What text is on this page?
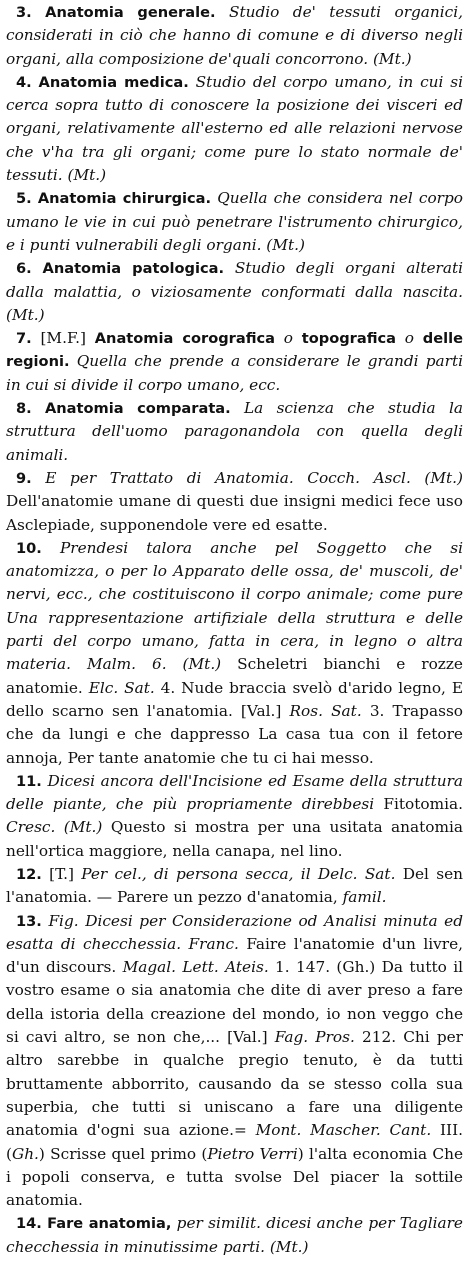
3. Anatomia generale. Studio de' tessuti organici, considerati in ciò che hanno di comune e di diverso negli organi, alla composizione de'quali concorrono. (Mt.)

4. Anatomia medica. Studio del corpo umano, in cui si cerca sopra tutto di conoscere la posizione dei visceri ed organi, relativamente all'esterno ed alle relazioni nervose che v'ha tra gli organi; come pure lo stato normale de' tessuti. (Mt.)

5. Anatomia chirurgica. Quella che considera nel corpo umano le vie in cui può penetrare l'istrumento chirurgico, e i punti vulnerabili degli organi. (Mt.)

6. Anatomia patologica. Studio degli organi alterati dalla malattia, o viziosamente conformati dalla nascita. (Mt.)

7. [M.F.] Anatomia corografica o topografica o delle regioni. Quella che prende a considerare le grandi parti in cui si divide il corpo umano, ecc.

8. Anatomia comparata. La scienza che studia la struttura dell'uomo paragonandola con quella degli animali.

9. E per Trattato di Anatomia. Cocch. Ascl. (Mt.) Dell'anatomie umane di questi due insigni medici fece uso Asclepiade, supponendole vere ed esatte.

10. Prendesi talora anche pel Soggetto che si anatomizza, o per lo Apparato delle ossa, de' muscoli, de' nervi, ecc., che costituiscono il corpo animale; come pure Una rappresentazione artifiziale della struttura e delle parti del corpo umano, fatta in cera, in legno o altra materia. Malm. 6. (Mt.) Scheletri bianchi e rozze anatomie. Elc. Sat. 4. Nude braccia svelò d'arido legno, E dello scarno sen l'anatomia. [Val.] Ros. Sat. 3. Trapasso che da lungi e che dappresso La casa tua con il fetore annoja, Per tante anatomie che tu ci hai messo.

11. Dicesi ancora dell'Incisione ed Esame della struttura delle piante, che più propriamente direbbesi Fitotomia. Cresc. (Mt.) Questo si mostra per una usitata anatomia nell'ortica maggiore, nella canapa, nel lino.

12. [T.] Per cel., di persona secca, il Delc. Sat. Del sen l'anatomia. — Parere un pezzo d'anatomia, famil.

13. Fig. Dicesi per Considerazione od Analisi minuta ed esatta di checchessia. Franc. Faire l'anatomie d'un livre, d'un discours. Magal. Lett. Ateis. 1. 147. (Gh.) Da tutto il vostro esame o sia anatomia che dite di aver preso a fare della istoria della creazione del mondo, io non veggo che si cavi altro, se non che,... [Val.] Fag. Pros. 212. Chi per altro sarebbe in qualche pregio tenuto, è da tutti bruttamente abborrito, causando da se stesso colla sua superbia, che tutti si uniscano a fare una diligente anatomia d'ogni sua azione.= Mont. Mascher. Cant. III. (Gh.) Scrisse quel primo (Pietro Verri) l'alta economia Che i popoli conserva, e tutta svolse Del piacer la sottile anatomia.

14. Fare anatomia, per similit. dicesi anche per Tagliare checchessia in minutissime parti. (Mt.)
